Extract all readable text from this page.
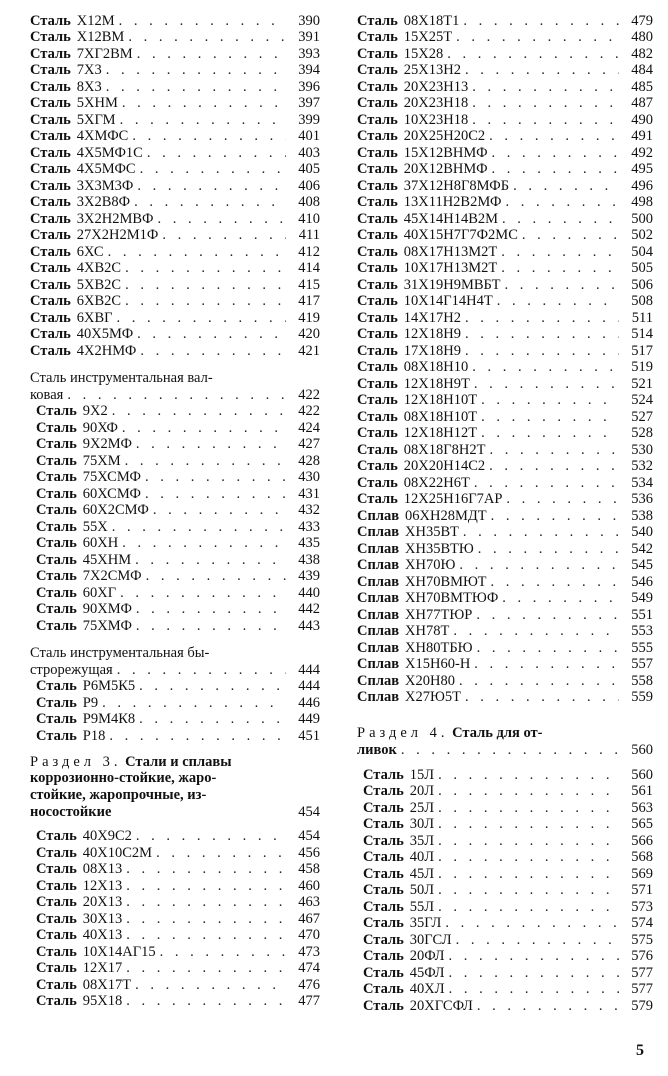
Сталь Х12М . . .	390
Сталь Х12ВМ . . .	391
Сталь 7ХГ2ВМ . . .	393
Сталь 7Х3 . . .	394
Сталь 8Х3 . . .	396
Сталь 5ХНМ . . .	397
Сталь 5ХГМ . . .	399
Сталь 4ХМФС . . .	401
Сталь 4Х5МФ1С . . .	403
Сталь 4Х5МФС . . .	405
Сталь 3Х3М3Ф . . .	406
Сталь 3Х2В8Ф . . .	408
Сталь 3Х2Н2МВФ . . .	410
Сталь 27Х2Н2М1Ф . . .	411
Сталь 6ХС . . .	412
Сталь 4ХВ2С . . .	414
Сталь 5ХВ2С . . .	415
Сталь 6ХВ2С . . .	417
Сталь 6ХВГ . . .	419
Сталь 40Х5МФ . . .	420
Сталь 4Х2НМФ . . .	421
Сталь инструментальная вал-
ковая . . .	422
Сталь 9Х2 . . .	422
Сталь 90ХФ . . .	424
Сталь 9Х2МФ . . .	427
Сталь 75ХМ . . .	428
Сталь 75ХСМФ . . .	430
Сталь 60ХСМФ . . .	431
Сталь 60Х2СМФ . . .	432
Сталь 55Х . . .	433
Сталь 60ХН . . .	435
Сталь 45ХНМ . . .	438
Сталь 7Х2СМФ . . .	439
Сталь 60ХГ . . .	440
Сталь 90ХМФ . . .	442
Сталь 75ХМФ . . .	443
Сталь инструментальная бы-
строрежущая . . .	444
Сталь Р6М5К5 . . .	444
Сталь Р9 . . .	446
Сталь Р9М4К8 . . .	449
Сталь Р18 . . .	451
Раздел 3. Стали и сплавы
коррозионно-стойкие, жаро-
стойкие, жаропрочные, из-
носостойкие	454
Сталь 40Х9С2 . . .	454
Сталь 40Х10С2М . . .	456
Сталь 08Х13 . . .	458
Сталь 12Х13 . . .	460
Сталь 20Х13 . . .	463
Сталь 30Х13 . . .	467
Сталь 40Х13 . . .	470
Сталь 10Х14АГ15 . . .	473
Сталь 12Х17 . . .	474
Сталь 08Х17Т . . .	476
Сталь 95Х18 . . .	477
Сталь 08Х18Т1 . . .	479
Сталь 15Х25Т . . .	480
Сталь 15Х28 . . .	482
Сталь 25Х13Н2 . . .	484
Сталь 20Х23Н13 . . .	485
Сталь 20Х23Н18 . . .	487
Сталь 10Х23Н18 . . .	490
Сталь 20Х25Н20С2 . . .	491
Сталь 15Х12ВНМФ . . .	492
Сталь 20Х12ВНМФ . . .	495
Сталь 37Х12Н8Г8МФБ . . .	496
Сталь 13Х11Н2В2МФ . . .	498
Сталь 45Х14Н14В2М . . .	500
Сталь 40Х15Н7Г7Ф2МС . . .	502
Сталь 08Х17Н13М2Т . . .	504
Сталь 10Х17Н13М2Т . . .	505
Сталь 31Х19Н9МВБТ . . .	506
Сталь 10Х14Г14Н4Т . . .	508
Сталь 14Х17Н2 . . .	511
Сталь 12Х18Н9 . . .	514
Сталь 17Х18Н9 . . .	517
Сталь 08Х18Н10 . . .	519
Сталь 12Х18Н9Т . . .	521
Сталь 12Х18Н10Т . . .	524
Сталь 08Х18Н10Т . . .	527
Сталь 12Х18Н12Т . . .	528
Сталь 08Х18Г8Н2Т . . .	530
Сталь 20Х20Н14С2 . . .	532
Сталь 08Х22Н6Т . . .	534
Сталь 12Х25Н16Г7АР . . .	536
Сплав 06ХН28МДТ . . .	538
Сплав ХН35ВТ . . .	540
Сплав ХН35ВТЮ . . .	542
Сплав ХН70Ю . . .	545
Сплав ХН70ВМЮТ . . .	546
Сплав ХН70ВМТЮФ . . .	549
Сплав ХН77ТЮР . . .	551
Сплав ХН78Т . . .	553
Сплав ХН80ТБЮ . . .	555
Сплав Х15Н60-Н . . .	557
Сплав Х20Н80 . . .	558
Сплав Х27Ю5Т . . .	559
Раздел 4. Сталь для от-
ливок . . .	560
Сталь 15Л . . .	560
Сталь 20Л . . .	561
Сталь 25Л . . .	563
Сталь 30Л . . .	565
Сталь 35Л . . .	566
Сталь 40Л . . .	568
Сталь 45Л . . .	569
Сталь 50Л . . .	571
Сталь 55Л . . .	573
Сталь 35ГЛ . . .	574
Сталь 30ГСЛ . . .	575
Сталь 20ФЛ . . .	576
Сталь 45ФЛ . . .	577
Сталь 40ХЛ . . .	577
Сталь 20ХГСФЛ . . .	579
5
